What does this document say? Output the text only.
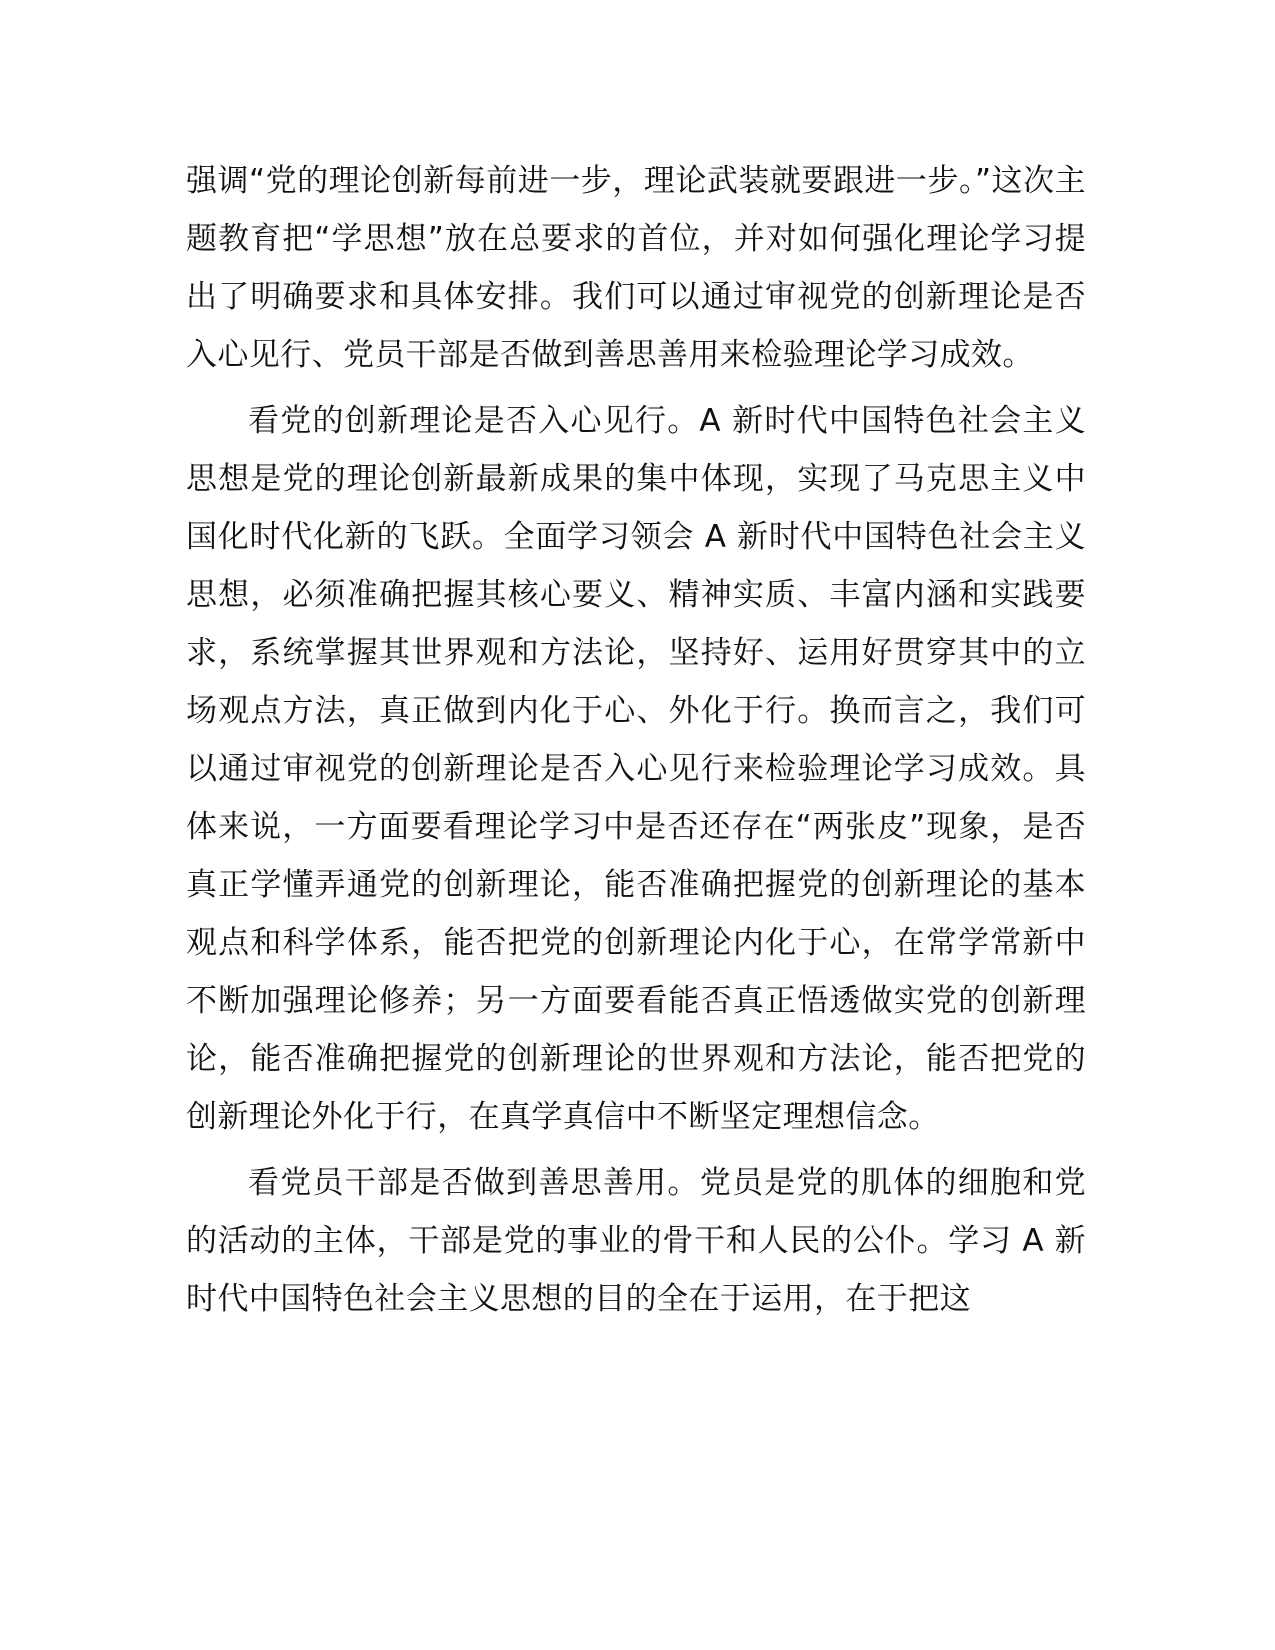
强调“党的理论创新每前进一步，理论武装就要跟进一步。”这次主题教育把“学思想”放在总要求的首位，并对如何强化理论学习提出了明确要求和具体安排。我们可以通过审视党的创新理论是否入心见行、党员干部是否做到善思善用来检验理论学习成效。

看党的创新理论是否入心见行。A 新时代中国特色社会主义思想是党的理论创新最新成果的集中体现，实现了马克思主义中国化时代化新的飞跃。全面学习领会 A 新时代中国特色社会主义思想，必须准确把握其核心要义、精神实质、丰富内涵和实践要求，系统掌握其世界观和方法论，坚持好、运用好贯穿其中的立场观点方法，真正做到内化于心、外化于行。换而言之，我们可以通过审视党的创新理论是否入心见行来检验理论学习成效。具体来说，一方面要看理论学习中是否还存在“两张皮”现象，是否真正学懂弄通党的创新理论，能否准确把握党的创新理论的基本观点和科学体系，能否把党的创新理论内化于心，在常学常新中不断加强理论修养；另一方面要看能否真正悟透做实党的创新理论，能否准确把握党的创新理论的世界观和方法论，能否把党的创新理论外化于行，在真学真信中不断坚定理想信念。

看党员干部是否做到善思善用。党员是党的肌体的细胞和党的活动的主体，干部是党的事业的骨干和人民的公仆。学习 A 新时代中国特色社会主义思想的目的全在于运用，在于把这
